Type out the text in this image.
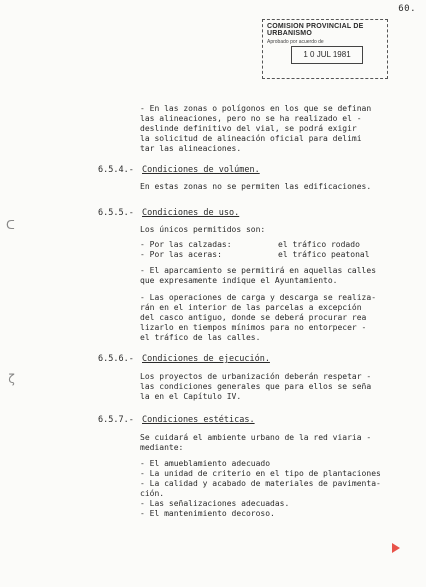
60.
COMISION PROVINCIAL DE URBANISMO
Aprobado por acuerdo de
1 0 JUL 1981
- En las zonas o polígonos en los que se definan
las alineaciones, pero no se ha realizado el -
deslinde definitivo del vial, se podrá exigir
la solicitud de alineación oficial para delimi
tar las alineaciones.
6.5.4.- Condiciones de volúmen.
En estas zonas no se permiten las edificaciones.
6.5.5.- Condiciones de uso.
Los únicos permitidos son:
- Por las calzadas:	el tráfico rodado
- Por las aceras:	el tráfico peatonal
- El aparcamiento se permitirá en aquellas calles
que expresamente indique el Ayuntamiento.
- Las operaciones de carga y descarga se realiza-
rán en el interior de las parcelas a excepción
del casco antiguo, donde se deberá procurar rea
lizarlo en tiempos mínimos para no entorpecer -
el tráfico de las calles.
6.5.6.- Condiciones de ejecución.
Los proyectos de urbanización deberán respetar -
las condiciones generales que para ellos se seña
la en el Capítulo IV.
6.5.7.- Condiciones estéticas.
Se cuidará el ambiente urbano de la red viaria -
mediante:
- El amueblamiento adecuado
- La unidad de criterio en el tipo de plantaciones
- La calidad y acabado de materiales de pavimenta-
ción.
- Las señalizaciones adecuadas.
- El mantenimiento decoroso.
ᑕ
ζ
